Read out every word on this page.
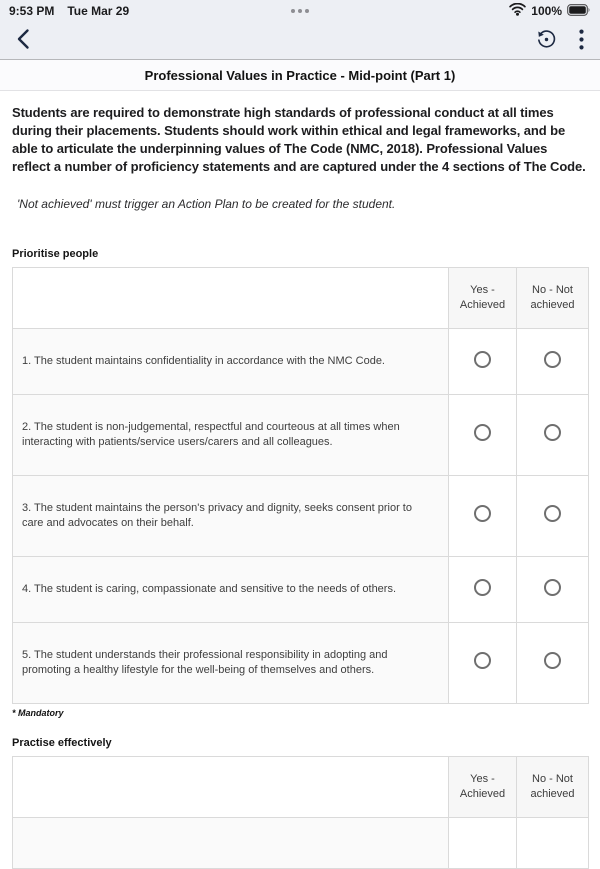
9:53 PM Tue Mar 29	100%
Professional Values in Practice - Mid-point (Part 1)

Students are required to demonstrate high standards of professional conduct at all times during their placements. Students should work within ethical and legal frameworks, and be able to articulate the underpinning values of The Code (NMC, 2018). Professional Values reflect a number of proficiency statements and are captured under the 4 sections of The Code.

'Not achieved' must trigger an Action Plan to be created for the student.

Prioritise people
	Yes - Achieved	No - Not achieved
1. The student maintains confidentiality in accordance with the NMC Code.		
2. The student is non-judgemental, respectful and courteous at all times when interacting with patients/service users/carers and all colleagues.		
3. The student maintains the person's privacy and dignity, seeks consent prior to care and advocates on their behalf.		
4. The student is caring, compassionate and sensitive to the needs of others.		
5. The student understands their professional responsibility in adopting and promoting a healthy lifestyle for the well-being of themselves and others.		
* Mandatory
Practise effectively
	Yes - Achieved	No - Not achieved
